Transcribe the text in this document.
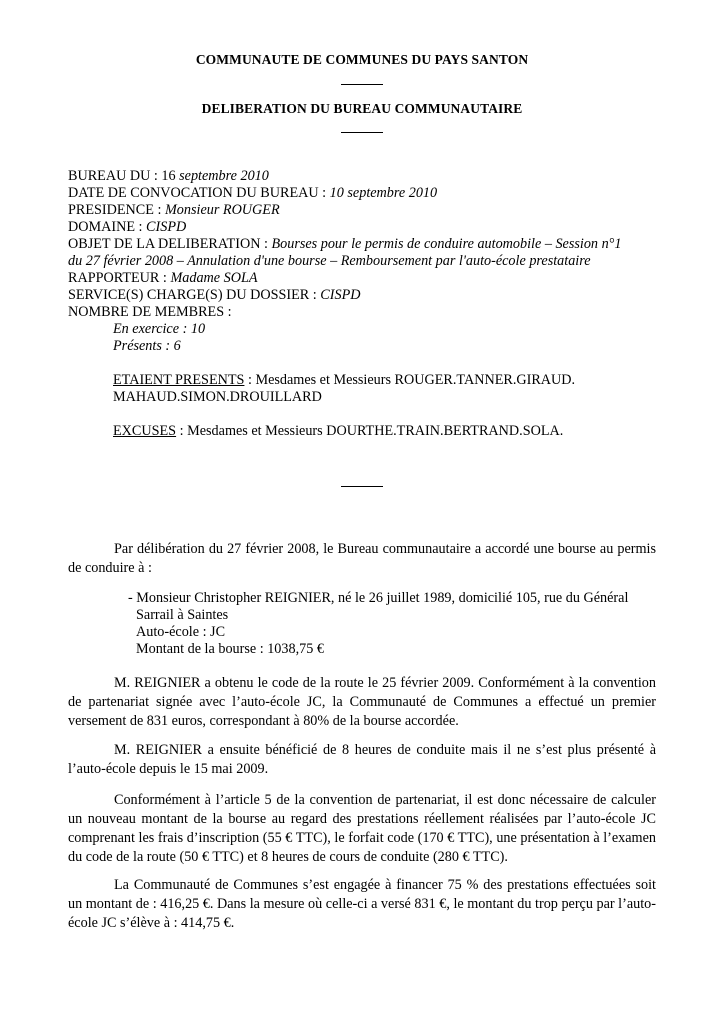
COMMUNAUTE DE COMMUNES DU PAYS SANTON
DELIBERATION DU BUREAU COMMUNAUTAIRE
BUREAU DU : 16 septembre 2010
DATE DE CONVOCATION DU BUREAU : 10 septembre 2010
PRESIDENCE : Monsieur ROUGER
DOMAINE : CISPD
OBJET DE LA DELIBERATION : Bourses pour le permis de conduire automobile – Session n°1
du 27 février 2008 – Annulation d'une bourse – Remboursement par l'auto-école prestataire
RAPPORTEUR : Madame SOLA
SERVICE(S) CHARGE(S) DU DOSSIER : CISPD
NOMBRE DE MEMBRES :
En exercice : 10
Présents : 6
ETAIENT PRESENTS : Mesdames et Messieurs ROUGER.TANNER.GIRAUD.
MAHAUD.SIMON.DROUILLARD
EXCUSES : Mesdames et Messieurs DOURTHE.TRAIN.BERTRAND.SOLA.
Par délibération du 27 février 2008, le Bureau communautaire a accordé une bourse au permis de conduire à :
- Monsieur Christopher REIGNIER, né le 26 juillet 1989, domicilié 105, rue du Général
Sarrail à Saintes
Auto-école : JC
Montant de la bourse : 1038,75 €
M. REIGNIER a obtenu le code de la route le 25 février 2009. Conformément à la convention de partenariat signée avec l’auto-école JC, la Communauté de Communes a effectué un premier versement de 831 euros, correspondant à 80% de la bourse accordée.
M. REIGNIER a ensuite bénéficié de 8 heures de conduite mais il ne s’est plus présenté à l’auto-école depuis le 15 mai 2009.
Conformément à l’article 5 de la convention de partenariat, il est donc nécessaire de calculer un nouveau montant de la bourse au regard des prestations réellement réalisées par l’auto-école JC comprenant les frais d’inscription (55 € TTC), le forfait code (170 € TTC), une présentation à l’examen du code de la route (50 € TTC) et 8 heures de cours de conduite (280 € TTC).
La Communauté de Communes s’est engagée à financer 75 % des prestations effectuées soit un montant de : 416,25 €. Dans la mesure où celle-ci a versé 831 €, le montant du trop perçu par l’auto-école JC s’élève à : 414,75 €.
